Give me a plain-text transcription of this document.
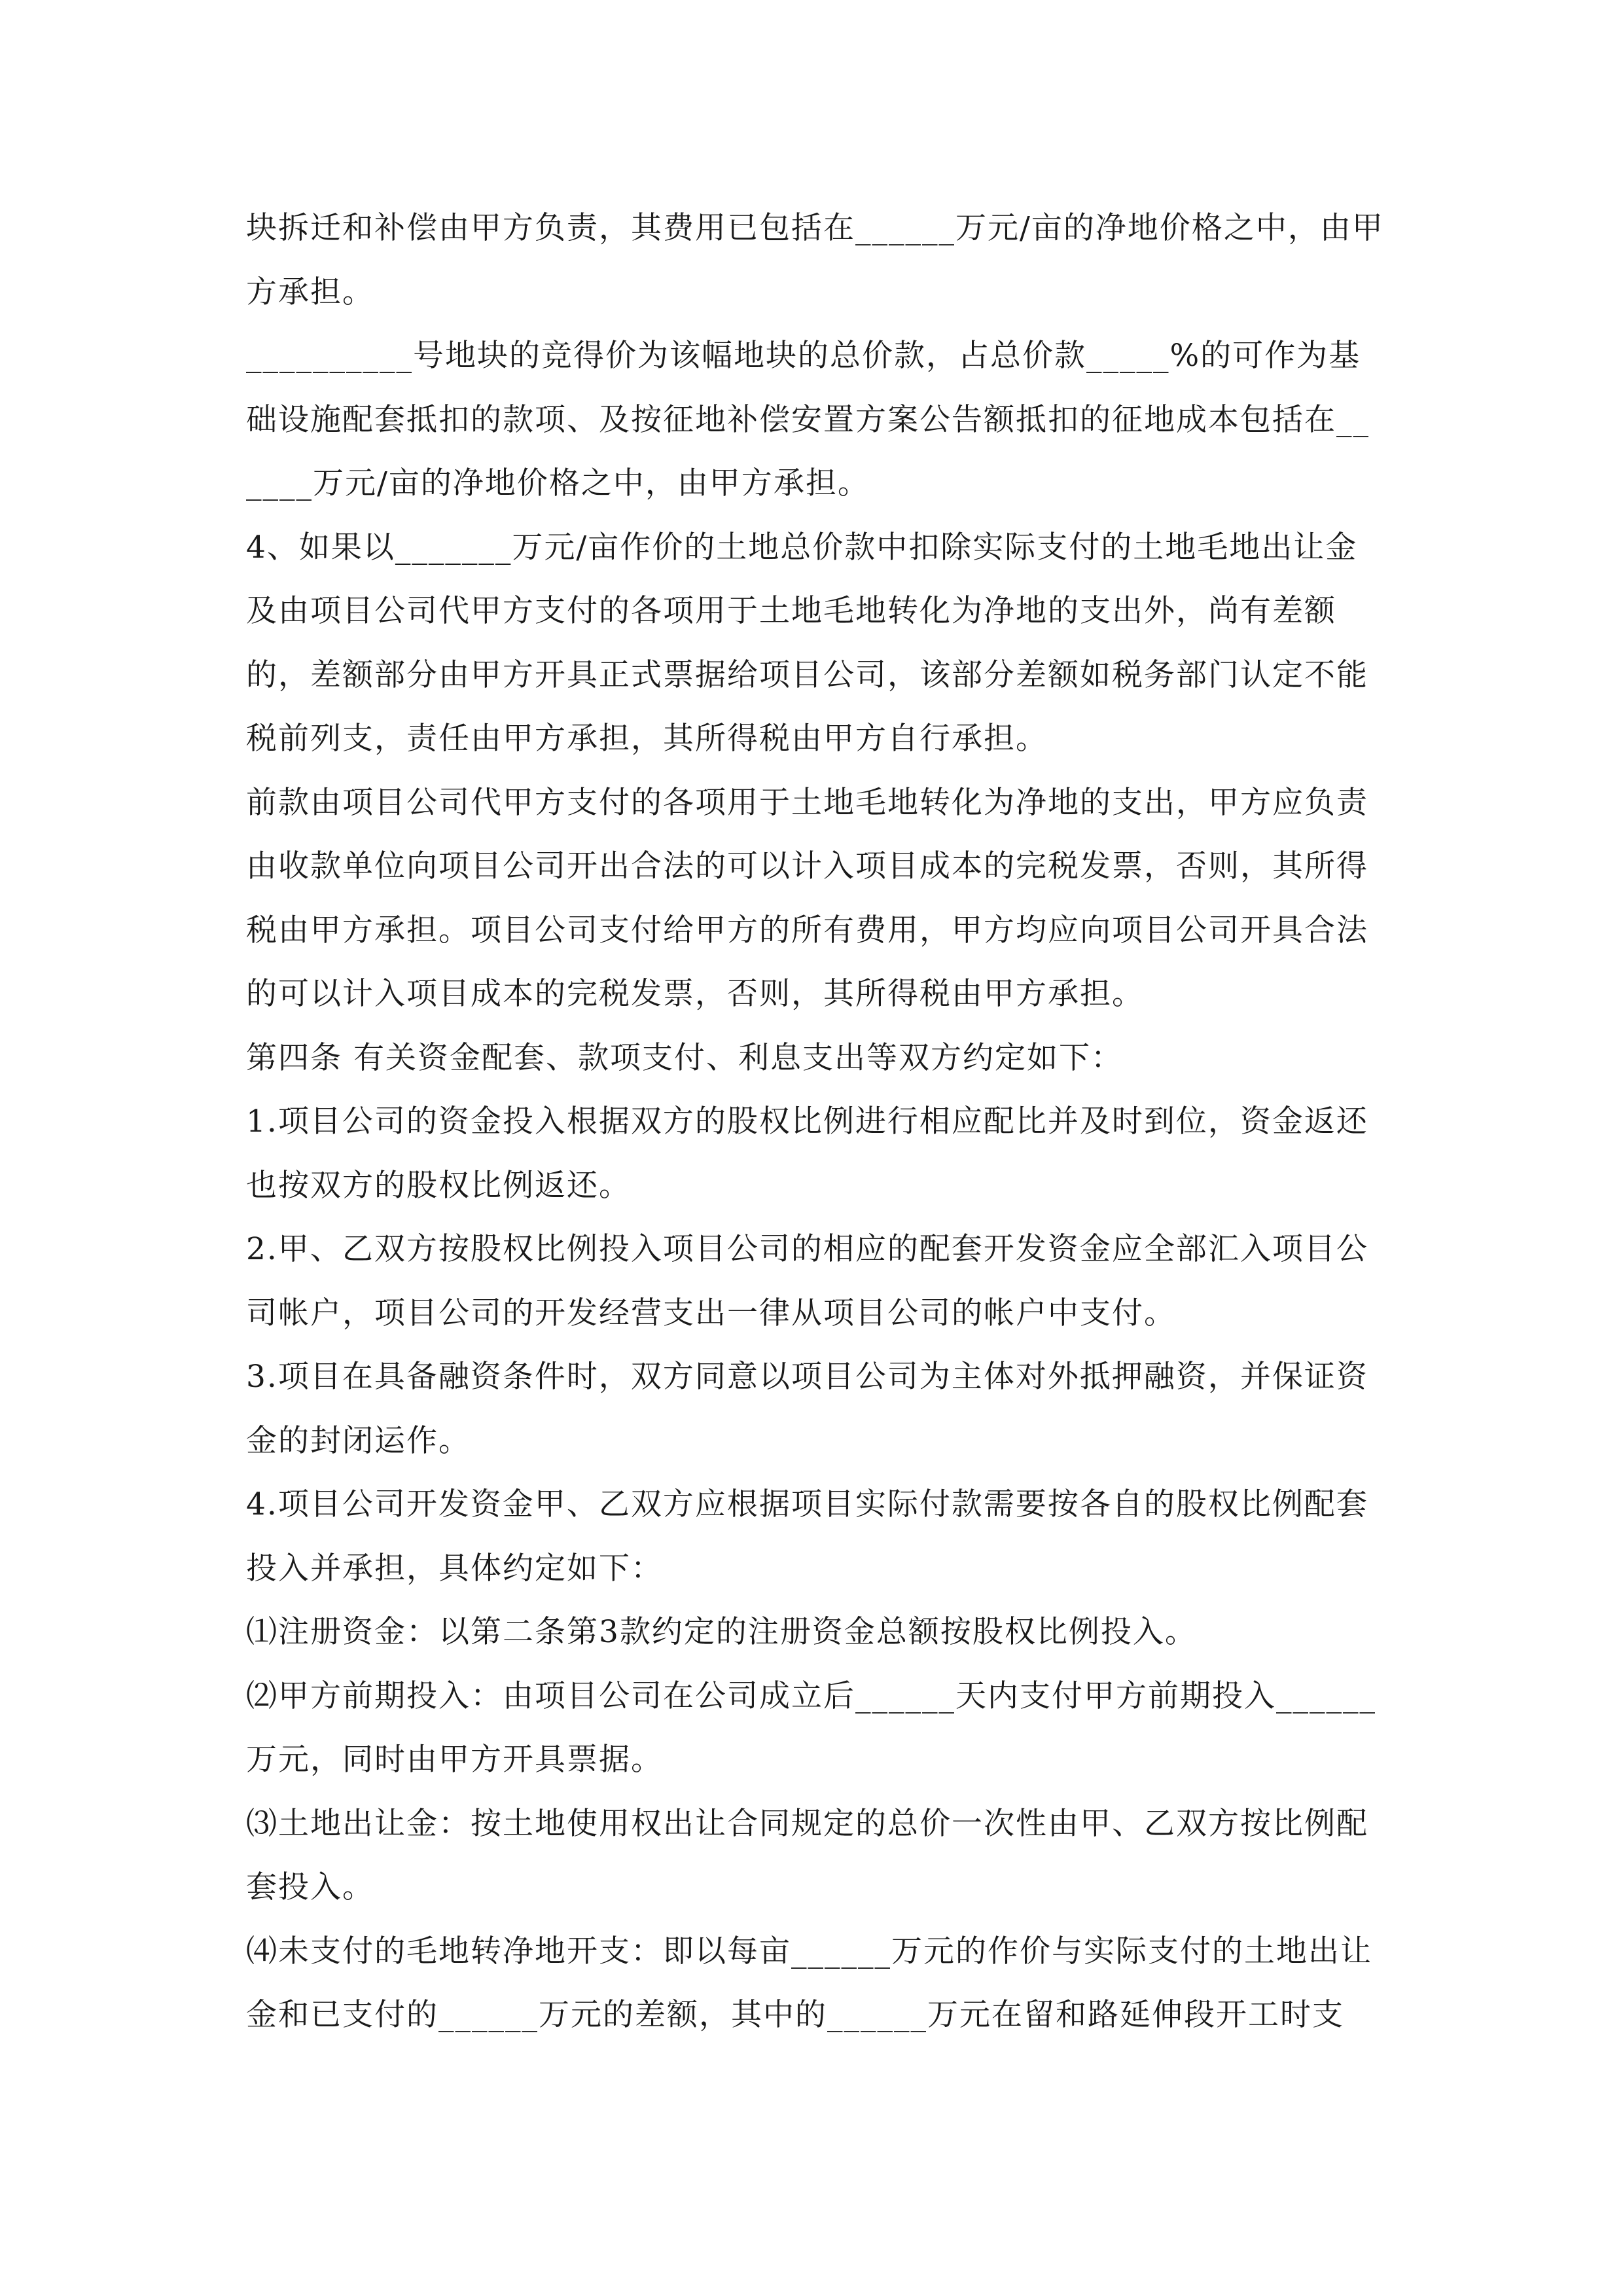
块拆迁和补偿由甲方负责，其费用已包括在______万元/亩的净地价格之中，由甲方承担。

__________号地块的竞得价为该幅地块的总价款，占总价款_____%的可作为基础设施配套抵扣的款项、及按征地补偿安置方案公告额抵扣的征地成本包括在______万元/亩的净地价格之中，由甲方承担。

4、如果以_______万元/亩作价的土地总价款中扣除实际支付的土地毛地出让金及由项目公司代甲方支付的各项用于土地毛地转化为净地的支出外，尚有差额的，差额部分由甲方开具正式票据给项目公司，该部分差额如税务部门认定不能税前列支，责任由甲方承担，其所得税由甲方自行承担。

前款由项目公司代甲方支付的各项用于土地毛地转化为净地的支出，甲方应负责由收款单位向项目公司开出合法的可以计入项目成本的完税发票，否则，其所得税由甲方承担。项目公司支付给甲方的所有费用，甲方均应向项目公司开具合法的可以计入项目成本的完税发票，否则，其所得税由甲方承担。

第四条 有关资金配套、款项支付、利息支出等双方约定如下：

1.项目公司的资金投入根据双方的股权比例进行相应配比并及时到位，资金返还也按双方的股权比例返还。

2.甲、乙双方按股权比例投入项目公司的相应的配套开发资金应全部汇入项目公司帐户，项目公司的开发经营支出一律从项目公司的帐户中支付。

3.项目在具备融资条件时，双方同意以项目公司为主体对外抵押融资，并保证资金的封闭运作。

4.项目公司开发资金甲、乙双方应根据项目实际付款需要按各自的股权比例配套投入并承担，具体约定如下：

⑴注册资金：以第二条第3款约定的注册资金总额按股权比例投入。

⑵甲方前期投入：由项目公司在公司成立后______天内支付甲方前期投入______万元，同时由甲方开具票据。

⑶土地出让金：按土地使用权出让合同规定的总价一次性由甲、乙双方按比例配套投入。

⑷未支付的毛地转净地开支：即以每亩______万元的作价与实际支付的土地出让金和已支付的______万元的差额，其中的______万元在留和路延伸段开工时支
